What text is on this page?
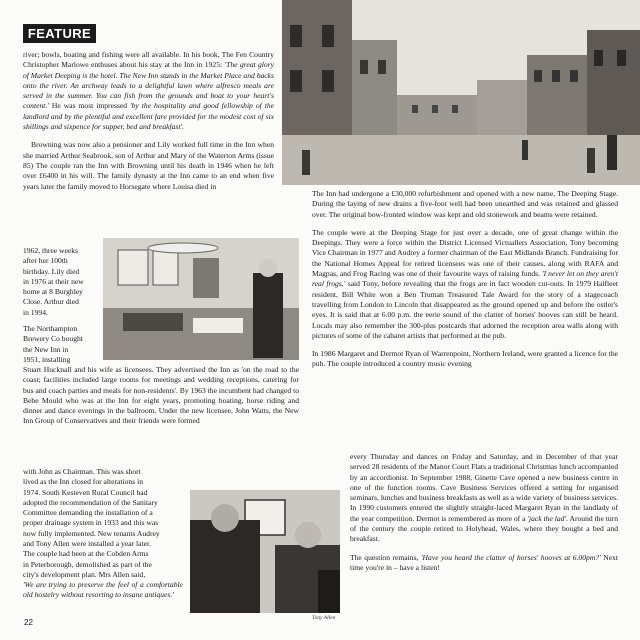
FEATURE

river; bowls, boating and fishing were all available. In his book, The Fen Country Christopher Marlowe enthuses about his stay at the Inn in 1925: 'The great glory of Market Deeping is the hotel. The New Inn stands in the Market Place and backs onto the river. An archway leads to a delightful lawn where alfresco meals are served in the summer. You can fish from the grounds and boat to your heart's content.' He was most impressed 'by the hospitality and good fellowship of the landlord and by the plentiful and excellent fare provided for the modest cost of six shillings and sixpence for supper, bed and breakfast'.

Browning was now also a pensioner and Lily worked full time in the Inn when she married Arthur Seabrook, son of Arthur and Mary of the Waterton Arms (issue 85) The couple ran the Inn with Browning until his death in 1946 when he left over £6400 in his will. The family dynasty at the Inn came to an end when five years later the family moved to Horsegate where Louisa died in

1962, three weeks
after her 100th
birthday. Lily died
in 1976 at their new
home at 8 Burghley
Close. Arthur died
in 1994.
The Northampton
Brewery Co bought
the New Inn in
1951, installing

Stuart Hucknall and his wife as licensees. They advertised the Inn as 'on the road to the coast; facilities included large rooms for meetings and wedding receptions, catering for bus and coach parties and meals for non-residents'. By 1963 the incumbent had changed to Bebe Mould who was at the Inn for eight years, promoting boating, horse riding and dinner and dance evenings in the ballroom. Under the new licensee, John Watts, the New Inn Group of Conservatives and their friends were formed

with John as Chairman. This was short
lived as the Inn closed for alterations in
1974. South Kesteven Rural Council had
adopted the recommendation of the Sanitary
Committee demanding the installation of a
proper drainage system in 1933 and this was
now fully implemented. New tenants Audrey
and Tony Allen were installed a year later.
The couple had been at the Cobden Arms
in Peterborough, demolished as part of the
city's development plan. Mrs Allen said,
'We are trying to preserve the feel of a comfortable old hostelry without resorting to insane antiques.'
Tony Allen

The Inn had undergone a £30,000 refurbishment and opened with a new name, The Deeping Stage. During the laying of new drains a five-foot well had been unearthed and was retained and glassed over. The original bow-fronted window was kept and old stonework and beams were retained.

The couple were at the Deeping Stage for just over a decade, one of great change within the Deepings. They were a force within the District Licensed Victuallers Association, Tony becoming Vice Chairman in 1977 and Audrey a former chairman of the East Midlands Branch. Fundraising for the National Homes Appeal for retired licensees was one of their causes, along with RAFA and Magpas, and Frog Racing was one of their favourite ways of raising funds. 'I never let on they aren't real frogs,' said Tony, before revealing that the frogs are in fact wooden cut-outs. In 1979 Halfleet resident, Bill White won a Ben Truman Treasured Tale Award for the story of a stagecoach travelling from London to Lincoln that disappeared as the ground opened up and before the ostler's eyes. It is said that at 6.00 p.m. the eerie sound of the clatter of horses' hooves can still be heard. Locals may also remember the 300-plus postcards that adorned the reception area walls along with pictures of some of the cabaret artists that performed at the pub.

In 1986 Margaret and Dermot Ryan of Warrenpoint, Northern Ireland, were granted a licence for the pub. The couple introduced a country music evening

every Thursday and dances on Friday and Saturday, and in December of that year served 28 residents of the Manor Court Flats a traditional Christmas lunch accompanied by an accordionist. In September 1988, Ginette Cave opened a new business centre in one of the function rooms. Cave Business Services offered a setting for organised seminars, lunches and business breakfasts as well as a wide variety of business services. In 1990 customers entered the slightly straight-laced Margaret Ryan in the landlady of the year competition. Dermot is remembered as more of a 'jack the lad'. Around the turn of the century the couple retired to Holyhead, Wales, where they bought a bed and breakfast.

The question remains, 'Have you heard the clatter of horses' hooves at 6.00pm?' Next time you're in – have a listen!

22
